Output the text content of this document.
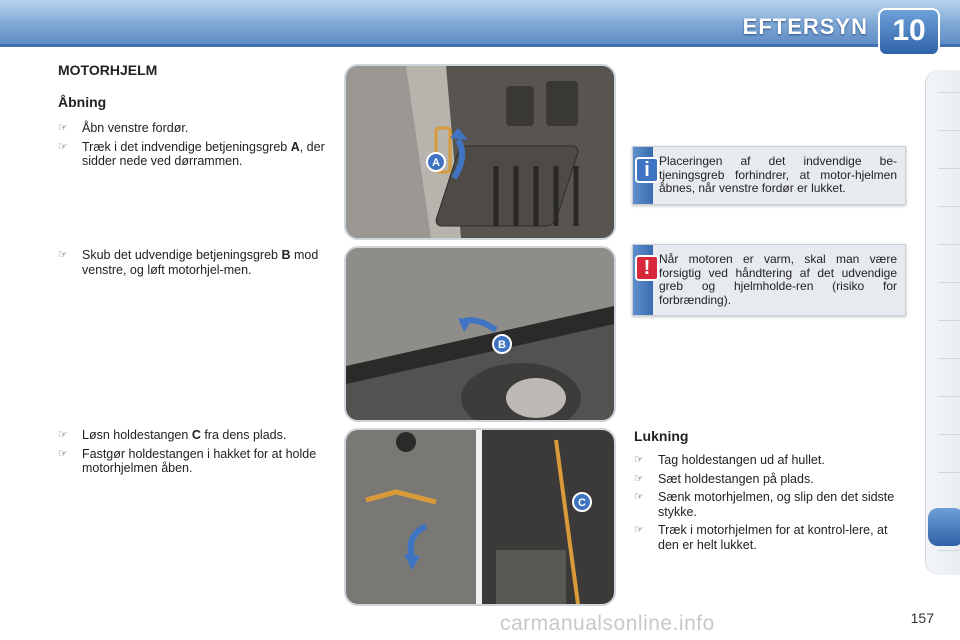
EFTERSYN 10
MOTORHJELM
Åbning
☞ Åbn venstre fordør.
☞ Træk i det indvendige betjeningsgreb A, der sidder nede ved dørrammen.
☞ Skub det udvendige betjeningsgreb B mod venstre, og løft motorhjel-men.
☞ Løsn holdestangen C fra dens plads.
☞ Fastgør holdestangen i hakket for at holde motorhjelmen åben.
A
B
C
i Placeringen af det indvendige be-tjeningsgreb forhindrer, at motor-hjelmen åbnes, når venstre fordør er lukket.
! Når motoren er varm, skal man være forsigtig ved håndtering af det udvendige greb og hjelmholde-ren (risiko for forbrænding).
Lukning
☞ Tag holdestangen ud af hullet.
☞ Sæt holdestangen på plads.
☞ Sænk motorhjelmen, og slip den det sidste stykke.
☞ Træk i motorhjelmen for at kontrol-lere, at den er helt lukket.
157
carmanualsonline.info
